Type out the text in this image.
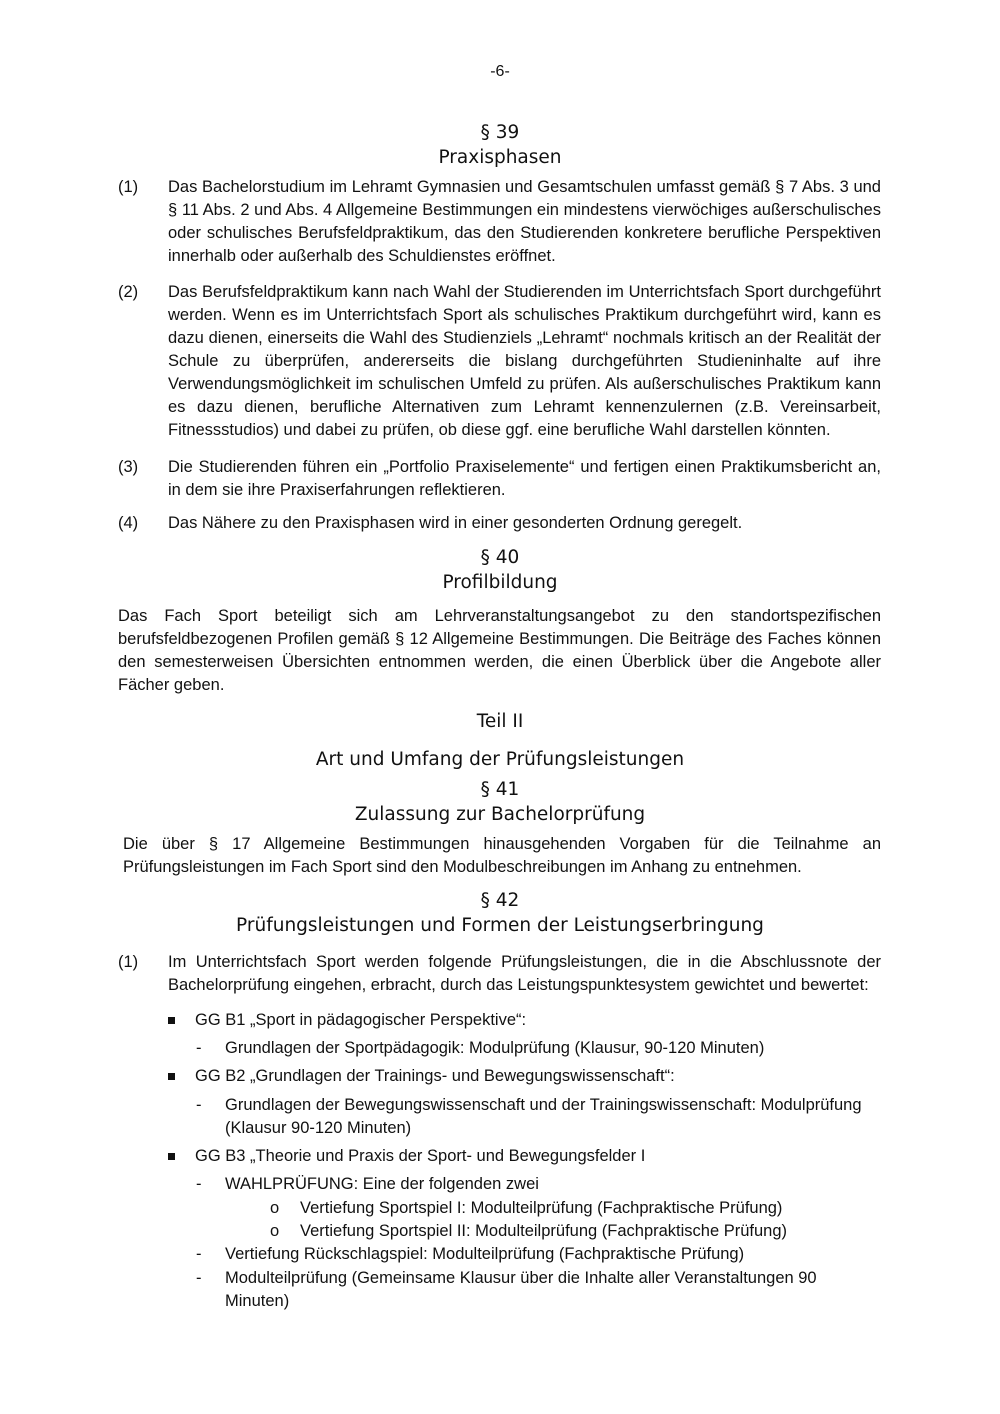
-6-
§ 39
Praxisphasen
(1)	Das Bachelorstudium im Lehramt Gymnasien und Gesamtschulen umfasst gemäß § 7 Abs. 3 und § 11 Abs. 2 und Abs. 4 Allgemeine Bestimmungen ein mindestens vierwöchiges außerschulisches oder schulisches Berufsfeldpraktikum, das den Studierenden konkretere berufliche Perspektiven innerhalb oder außerhalb des Schuldienstes eröffnet.
(2)	Das Berufsfeldpraktikum kann nach Wahl der Studierenden im Unterrichtsfach Sport durchgeführt werden. Wenn es im Unterrichtsfach Sport als schulisches Praktikum durchgeführt wird, kann es dazu dienen, einerseits die Wahl des Studienziels „Lehramt“ nochmals kritisch an der Realität der Schule zu überprüfen, andererseits die bislang durchgeführten Studieninhalte auf ihre Verwendungsmöglichkeit im schulischen Umfeld zu prüfen. Als außerschulisches Praktikum kann es dazu dienen, berufliche Alternativen zum Lehramt kennenzulernen (z.B. Vereinsarbeit, Fitnessstudios) und dabei zu prüfen, ob diese ggf. eine berufliche Wahl darstellen könnten.
(3)	Die Studierenden führen ein „Portfolio Praxiselemente“ und fertigen einen Praktikumsbericht an, in dem sie ihre Praxiserfahrungen reflektieren.
(4)	Das Nähere zu den Praxisphasen wird in einer gesonderten Ordnung geregelt.
§ 40
Profilbildung
Das Fach Sport beteiligt sich am Lehrveranstaltungsangebot zu den standortspezifischen berufsfeldbezogenen Profilen gemäß § 12 Allgemeine Bestimmungen. Die Beiträge des Faches können den semesterweisen Übersichten entnommen werden, die einen Überblick über die Angebote aller Fächer geben.
Teil II
Art und Umfang der Prüfungsleistungen
§ 41
Zulassung zur Bachelorprüfung
Die über § 17 Allgemeine Bestimmungen hinausgehenden Vorgaben für die Teilnahme an Prüfungsleistungen im Fach Sport sind den Modulbeschreibungen im Anhang zu entnehmen.
§ 42
Prüfungsleistungen und Formen der Leistungserbringung
(1)	Im Unterrichtsfach Sport werden folgende Prüfungsleistungen, die in die Abschlussnote der Bachelorprüfung eingehen, erbracht, durch das Leistungspunktesystem gewichtet und bewertet:
GG B1 „Sport in pädagogischer Perspektive“:
- Grundlagen der Sportpädagogik: Modulprüfung (Klausur, 90-120 Minuten)
GG B2 „Grundlagen der Trainings- und Bewegungswissenschaft“:
- Grundlagen der Bewegungswissenschaft und der Trainingswissenschaft: Modulprüfung (Klausur 90-120 Minuten)
GG B3 „Theorie und Praxis der Sport- und Bewegungsfelder I
- WAHLPRÜFUNG: Eine der folgenden zwei
o Vertiefung Sportspiel I: Modulteilprüfung (Fachpraktische Prüfung)
o Vertiefung Sportspiel II: Modulteilprüfung (Fachpraktische Prüfung)
- Vertiefung Rückschlagspiel: Modulteilprüfung (Fachpraktische Prüfung)
- Modulteilprüfung (Gemeinsame Klausur über die Inhalte aller Veranstaltungen 90 Minuten)
